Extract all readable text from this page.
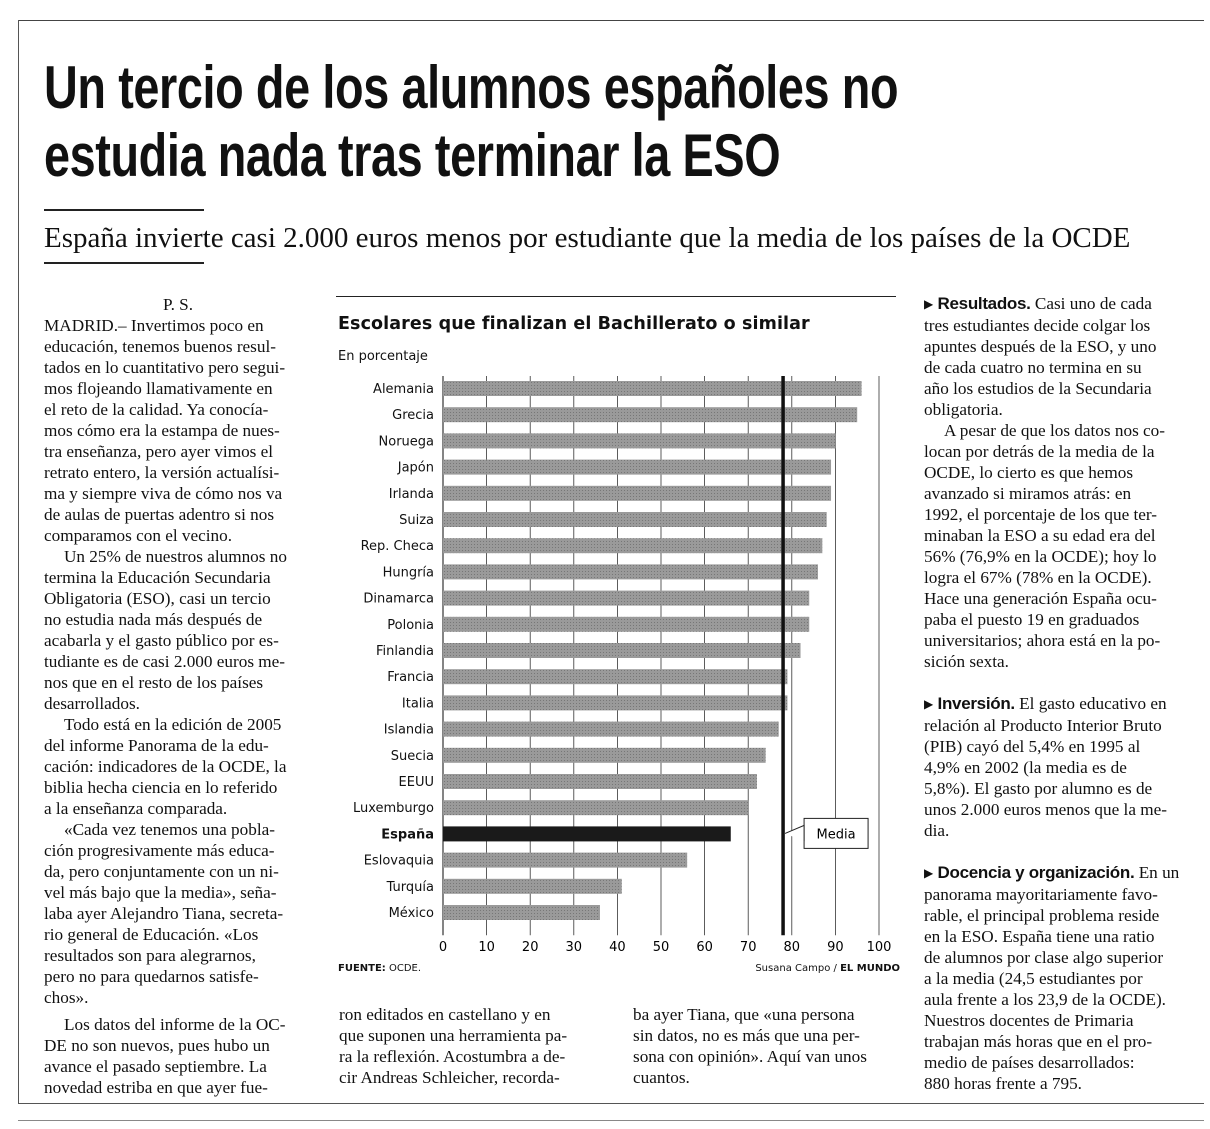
Un tercio de los alumnos españoles no
estudia nada tras terminar la ESO
España invierte casi 2.000 euros menos por estudiante que la media de los países de la OCDE

P. S.

MADRID.– Invertimos poco en
educación, tenemos buenos resul-
tados en lo cuantitativo pero segui-
mos flojeando llamativamente en
el reto de la calidad. Ya conocía-
mos cómo era la estampa de nues-
tra enseñanza, pero ayer vimos el
retrato entero, la versión actualísi-
ma y siempre viva de cómo nos va
de aulas de puertas adentro si nos
comparamos con el vecino.

Un 25% de nuestros alumnos no
termina la Educación Secundaria
Obligatoria (ESO), casi un tercio
no estudia nada más después de
acabarla y el gasto público por es-
tudiante es de casi 2.000 euros me-
nos que en el resto de los países
desarrollados.

Todo está en la edición de 2005
del informe Panorama de la edu-
cación: indicadores de la OCDE, la
biblia hecha ciencia en lo referido
a la enseñanza comparada.

«Cada vez tenemos una pobla-
ción progresivamente más educa-
da, pero conjuntamente con un ni-
vel más bajo que la media», seña-
laba ayer Alejandro Tiana, secreta-
rio general de Educación. «Los
resultados son para alegrarnos,
pero no para quedarnos satisfe-
chos».

Los datos del informe de la OC-
DE no son nuevos, pues hubo un
avance el pasado septiembre. La
novedad estriba en que ayer fue-

ron editados en castellano y en
que suponen una herramienta pa-
ra la reflexión. Acostumbra a de-
cir Andreas Schleicher, recorda-

ba ayer Tiana, que «una persona
sin datos, no es más que una per-
sona con opinión». Aquí van unos
cuantos.

▶ Resultados. Casi uno de cada
tres estudiantes decide colgar los
apuntes después de la ESO, y uno
de cada cuatro no termina en su
año los estudios de la Secundaria
obligatoria.

A pesar de que los datos nos co-
locan por detrás de la media de la
OCDE, lo cierto es que hemos
avanzado si miramos atrás: en
1992, el porcentaje de los que ter-
minaban la ESO a su edad era del
56% (76,9% en la OCDE); hoy lo
logra el 67% (78% en la OCDE).
Hace una generación España ocu-
paba el puesto 19 en graduados
universitarios; ahora está en la po-
sición sexta.

▶ Inversión. El gasto educativo en
relación al Producto Interior Bruto
(PIB) cayó del 5,4% en 1995 al
4,9% en 2002 (la media es de
5,8%). El gasto por alumno es de
unos 2.000 euros menos que la me-
dia.

▶ Docencia y organización. En un
panorama mayoritariamente favo-
rable, el principal problema reside
en la ESO. España tiene una ratio
de alumnos por clase algo superior
a la media (24,5 estudiantes por
aula frente a los 23,9 de la OCDE).
Nuestros docentes de Primaria
trabajan más horas que en el pro-
medio de países desarrollados:
880 horas frente a 795.

Escolares que finalizan el Bachillerato o similar
En porcentaje
Alemania
Grecia
Noruega
Japón
Irlanda
Suiza
Rep. Checa
Hungría
Dinamarca
Polonia
Finlandia
Francia
Italia
Islandia
Suecia
EEUU
Luxemburgo
España
Eslovaquia
Turquía
México
Media
0 10 20 30 40 50 60 70 80 90 100
FUENTE: OCDE.	Susana Campo / EL MUNDO
